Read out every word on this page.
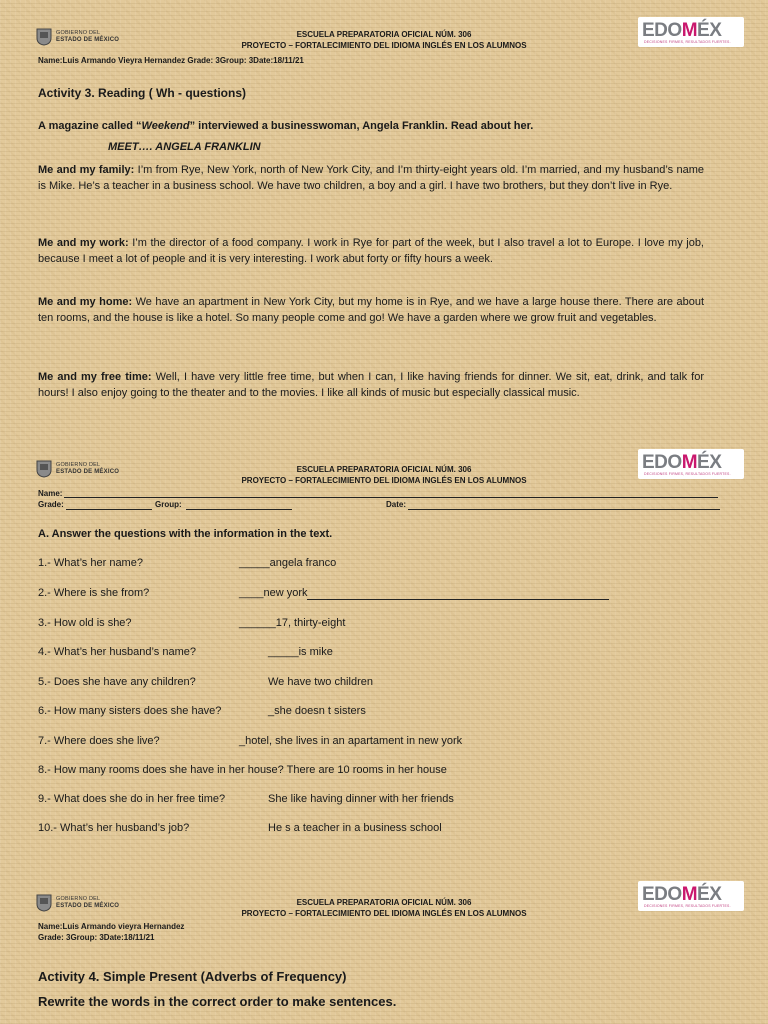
GOBIERNO DEL
ESTADO DE MÉXICO
ESCUELA PREPARATORIA OFICIAL NÚM. 306
PROYECTO – FORTALECIMIENTO DEL IDIOMA INGLÉS EN LOS ALUMNOS
EDOMÉX
DECISIONES FIRMES, RESULTADOS FUERTES.
Name:Luis Armando Vieyra Hernandez Grade: 3Group: 3Date:18/11/21
Activity 3. Reading ( Wh - questions)
A magazine called “Weekend” interviewed a businesswoman, Angela Franklin. Read about her.
MEET…. ANGELA FRANKLIN

Me and my family: I’m from Rye, New York, north of New York City, and I’m thirty-eight years old. I’m married, and my husband’s name is Mike. He’s a teacher in a business school. We have two children, a boy and a girl. I have two brothers, but they don’t live in Rye.

Me and my work: I’m the director of a food company. I work in Rye for part of the week, but I also travel a lot to Europe. I love my job, because I meet a lot of people and it is very interesting. I work abut forty or fifty hours a week.

Me and my home: We have an apartment in New York City, but my home is in Rye, and we have a large house there. There are about ten rooms, and the house is like a hotel. So many people come and go! We have a garden where we grow fruit and vegetables.

Me and my free time: Well, I have very little free time, but when I can, I like having friends for dinner. We sit, eat, drink, and talk for hours! I also enjoy going to the theater and to the movies. I like all kinds of music but especially classical music.

GOBIERNO DEL
ESTADO DE MÉXICO	ESCUELA PREPARATORIA OFICIAL NÚM. 306
PROYECTO – FORTALECIMIENTO DEL IDIOMA INGLÉS EN LOS ALUMNOS
EDOMÉX
DECISIONES FIRMES, RESULTADOS FUERTES.
Name:
Grade:	Group:	Date:
A. Answer the questions with the information in the text.
1.- What’s her name?	_____angela franco
2.- Where is she from?	____new york
3.- How old is she?	______17, thirty-eight
4.- What’s her husband’s name?	_____is mike
5.- Does she have any children?	We have two children
6.- How many sisters does she have?	_she doesn t sisters
7.- Where does she live?	_hotel, she lives in an apartament in new york
8.- How many rooms does she have in her house? There are 10 rooms in her house
9.- What does she do in her free time?	She like having dinner with her friends
10.- What’s her husband’s job?	He s a teacher in a business school
GOBIERNO DEL
ESTADO DE MÉXICO	ESCUELA PREPARATORIA OFICIAL NÚM. 306
PROYECTO – FORTALECIMIENTO DEL IDIOMA INGLÉS EN LOS ALUMNOS
EDOMÉX
DECISIONES FIRMES, RESULTADOS FUERTES.
Name:Luis Armando vieyra Hernandez
Grade: 3Group: 3Date:18/11/21
Activity 4. Simple Present (Adverbs of Frequency)
Rewrite the words in the correct order to make sentences.
